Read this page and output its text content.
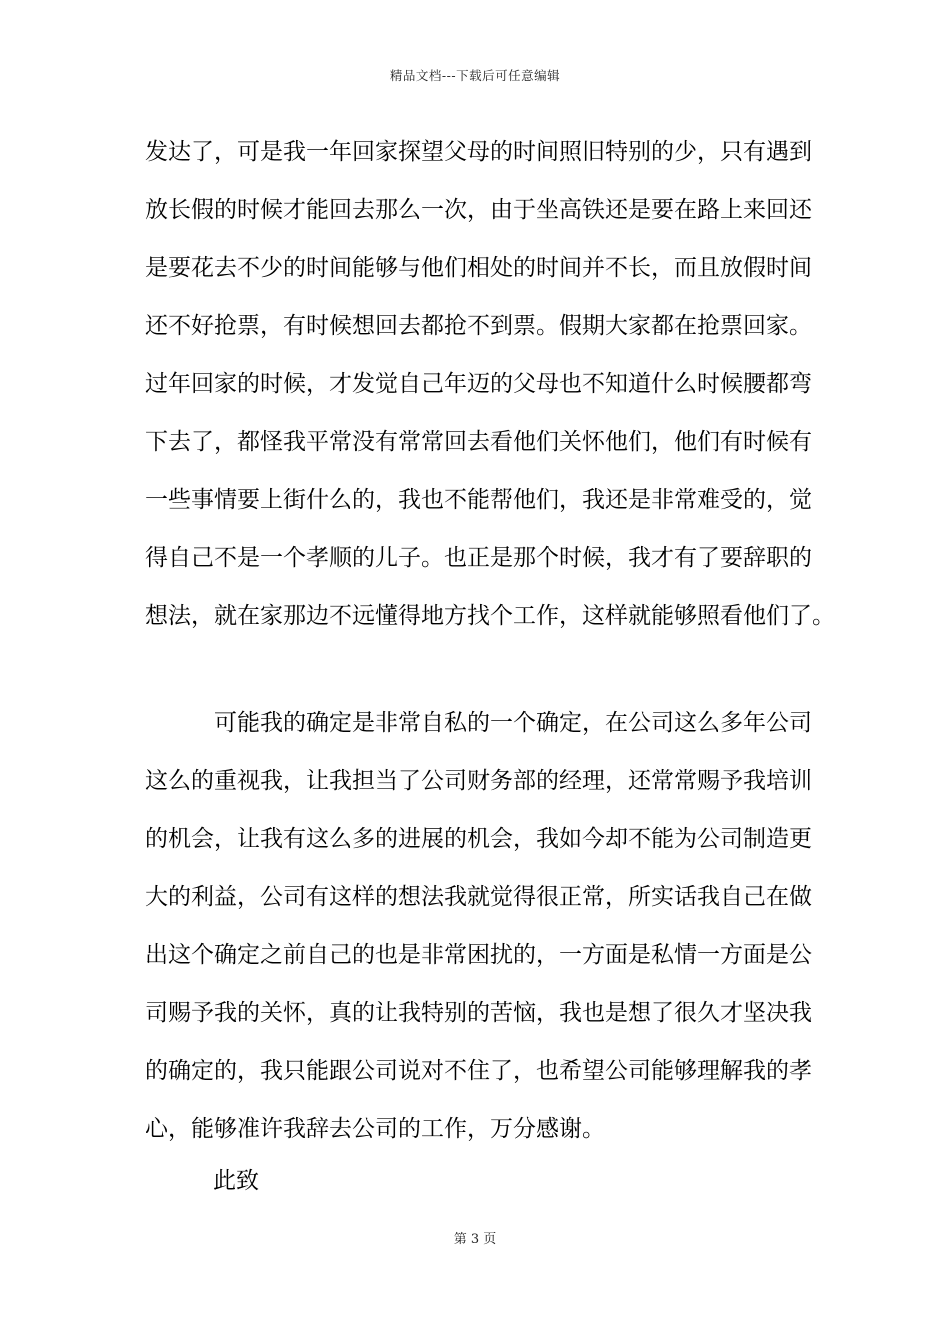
精品文档---下载后可任意编辑
发达了，可是我一年回家探望父母的时间照旧特别的少，只有遇到
放长假的时候才能回去那么一次，由于坐高铁还是要在路上来回还
是要花去不少的时间能够与他们相处的时间并不长，而且放假时间
还不好抢票，有时候想回去都抢不到票。假期大家都在抢票回家。
过年回家的时候，才发觉自己年迈的父母也不知道什么时候腰都弯
下去了，都怪我平常没有常常回去看他们关怀他们，他们有时候有
一些事情要上街什么的，我也不能帮他们，我还是非常难受的，觉
得自己不是一个孝顺的儿子。也正是那个时候，我才有了要辞职的
想法，就在家那边不远懂得地方找个工作，这样就能够照看他们了。
可能我的确定是非常自私的一个确定，在公司这么多年公司
这么的重视我，让我担当了公司财务部的经理，还常常赐予我培训
的机会，让我有这么多的进展的机会，我如今却不能为公司制造更
大的利益，公司有这样的想法我就觉得很正常，所实话我自己在做
出这个确定之前自己的也是非常困扰的，一方面是私情一方面是公
司赐予我的关怀，真的让我特别的苦恼，我也是想了很久才坚决我
的确定的，我只能跟公司说对不住了，也希望公司能够理解我的孝
心，能够准许我辞去公司的工作，万分感谢。
此致
第 3 页
